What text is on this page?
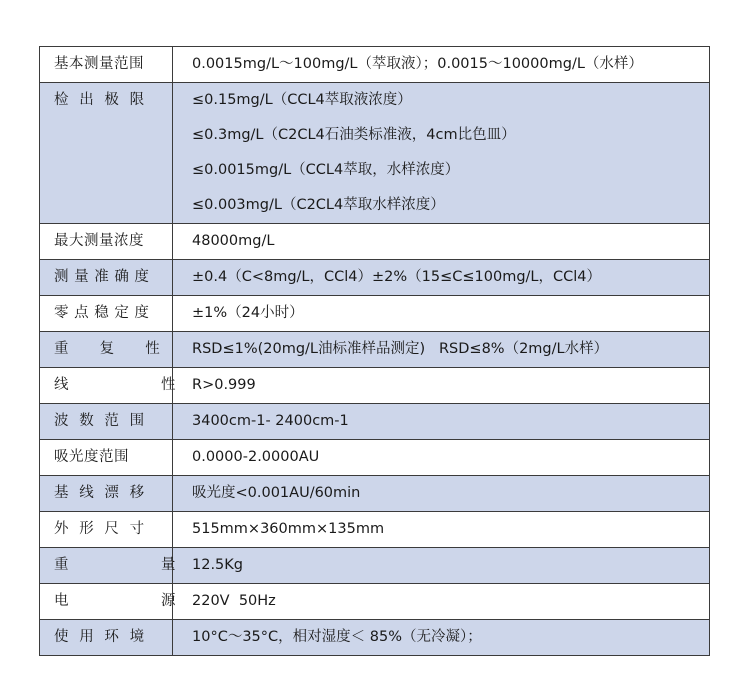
基本测量范围	0.0015mg/L～100mg/L（萃取液）；0.0015～10000mg/L（水样）

检  出  极  限	≤0.15mg/L（CCL4萃取液浓度）
≤0.3mg/L（C2CL4石油类标准液，4cm比色皿）
≤0.0015mg/L（CCL4萃取，水样浓度）
≤0.003mg/L（C2CL4萃取水样浓度）

最大测量浓度	48000mg/L

测 量 准 确 度	±0.4（C<8mg/L，CCl4）±2%（15≤C≤100mg/L，CCl4）

零 点 稳 定 度	±1%（24小时）

重      复      性	RSD≤1%(20mg/L油标准样品测定)   RSD≤8%（2mg/L水样）

线                  性	R>0.999

波  数  范  围	3400cm-1- 2400cm-1

吸光度范围	0.0000-2.0000AU

基  线  漂  移	吸光度<0.001AU/60min

外  形  尺  寸	515mm×360mm×135mm

重                  量	12.5Kg

电                  源	220V  50Hz

使  用  环  境	10°C～35°C，相对湿度＜ 85%（无冷凝）；
